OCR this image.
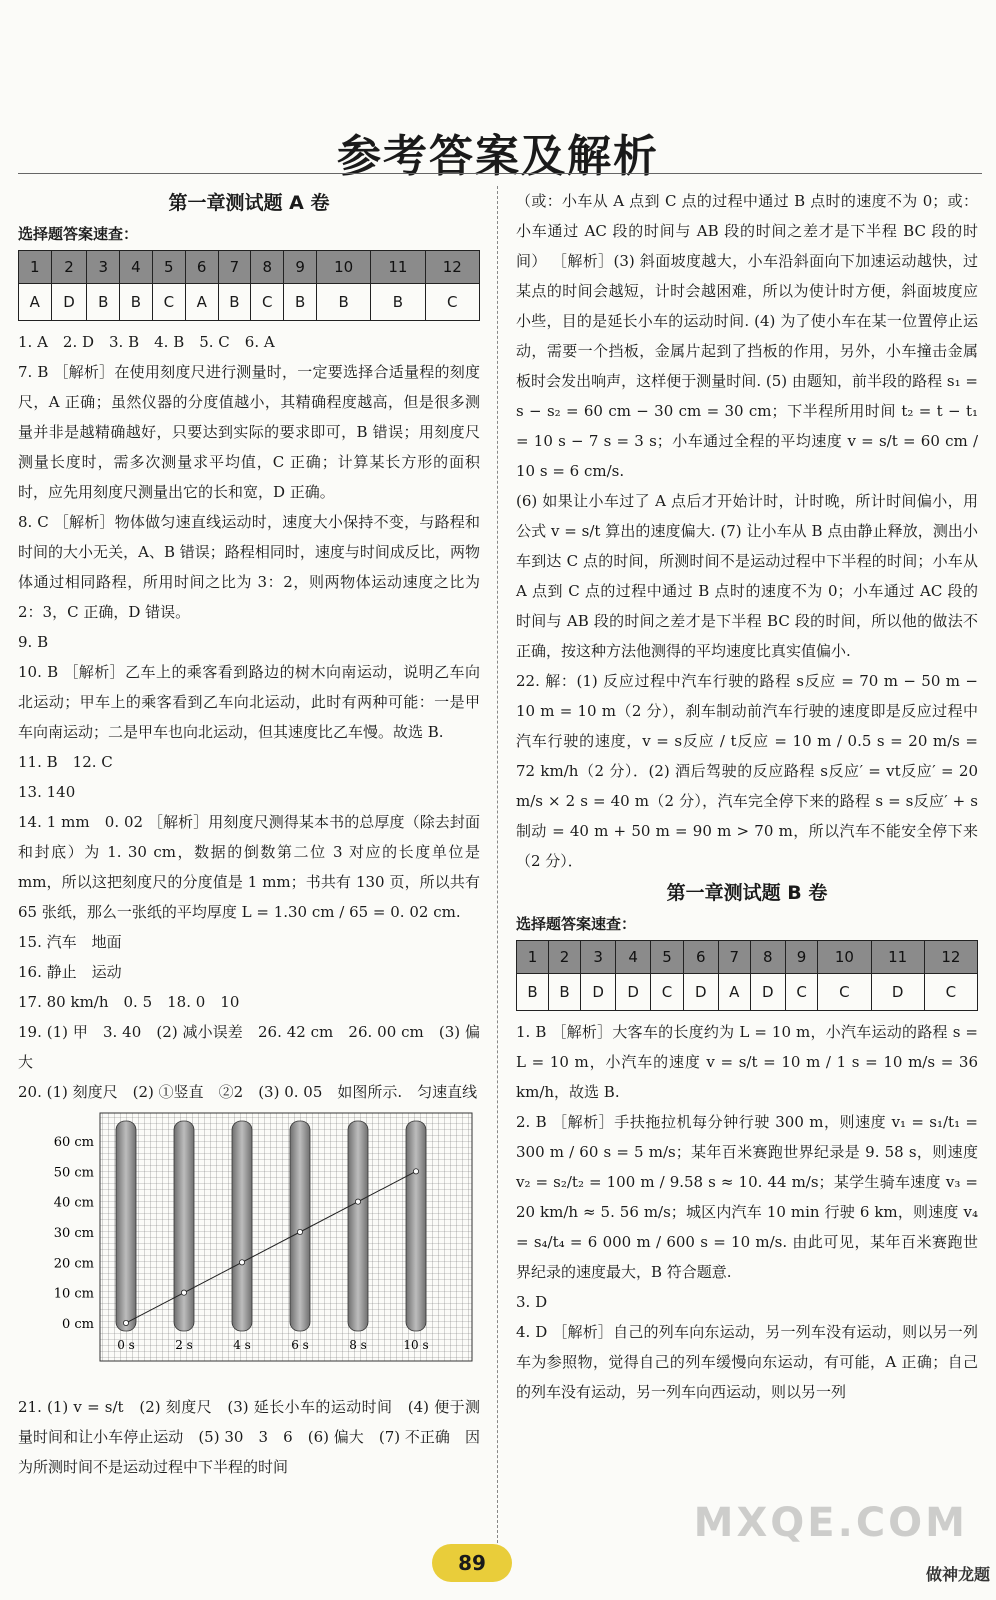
参考答案及解析
第一章测试题 A 卷
选择题答案速查：
1	2	3	4	5	6	7	8	9	10	11	12
A	D	B	B	C	A	B	C	B	B	B	C

1. A　2. D　3. B　4. B　5. C　6. A

7. B ［解析］在使用刻度尺进行测量时，一定要选择合适量程的刻度尺，A 正确；虽然仪器的分度值越小，其精确程度越高，但是很多测量并非是越精确越好，只要达到实际的要求即可，B 错误；用刻度尺测量长度时，需多次测量求平均值，C 正确；计算某长方形的面积时，应先用刻度尺测量出它的长和宽，D 正确。

8. C ［解析］物体做匀速直线运动时，速度大小保持不变，与路程和时间的大小无关，A、B 错误；路程相同时，速度与时间成反比，两物体通过相同路程，所用时间之比为 3：2，则两物体运动速度之比为 2：3，C 正确，D 错误。

9. B

10. B ［解析］乙车上的乘客看到路边的树木向南运动，说明乙车向北运动；甲车上的乘客看到乙车向北运动，此时有两种可能：一是甲车向南运动；二是甲车也向北运动，但其速度比乙车慢。故选 B.

11. B　12. C

13. 140

14. 1 mm　0. 02 ［解析］用刻度尺测得某本书的总厚度（除去封面和封底）为 1. 30 cm，数据的倒数第二位 3 对应的长度单位是 mm，所以这把刻度尺的分度值是 1 mm；书共有 130 页，所以共有 65 张纸，那么一张纸的平均厚度 L = 1.30 cm / 65 = 0. 02 cm.

15. 汽车　地面

16. 静止　运动

17. 80 km/h　0. 5　18. 0　10

19. (1) 甲　3. 40　(2) 减小误差　26. 42 cm　26. 00 cm　(3) 偏大

20. (1) 刻度尺　(2) ①竖直　②2　(3) 0. 05　如图所示.　匀速直线

60 cm
50 cm
40 cm
30 cm
20 cm
10 cm
0 cm
0 s	2 s	4 s	6 s	8 s	10 s

21. (1) v = s/t　(2) 刻度尺　(3) 延长小车的运动时间　(4) 便于测量时间和让小车停止运动　(5) 30　3　6　(6) 偏大　(7) 不正确　因为所测时间不是运动过程中下半程的时间

（或：小车从 A 点到 C 点的过程中通过 B 点时的速度不为 0；或：小车通过 AC 段的时间与 AB 段的时间之差才是下半程 BC 段的时间） ［解析］(3) 斜面坡度越大，小车沿斜面向下加速运动越快，过某点的时间会越短，计时会越困难，所以为使计时方便，斜面坡度应小些，目的是延长小车的运动时间. (4) 为了使小车在某一位置停止运动，需要一个挡板，金属片起到了挡板的作用，另外，小车撞击金属板时会发出响声，这样便于测量时间. (5) 由题知，前半段的路程 s₁ = s − s₂ = 60 cm − 30 cm = 30 cm；下半程所用时间 t₂ = t − t₁ = 10 s − 7 s = 3 s；小车通过全程的平均速度 v = s/t = 60 cm / 10 s = 6 cm/s.

(6) 如果让小车过了 A 点后才开始计时，计时晚，所计时间偏小，用公式 v = s/t 算出的速度偏大. (7) 让小车从 B 点由静止释放，测出小车到达 C 点的时间，所测时间不是运动过程中下半程的时间；小车从 A 点到 C 点的过程中通过 B 点时的速度不为 0；小车通过 AC 段的时间与 AB 段的时间之差才是下半程 BC 段的时间，所以他的做法不正确，按这种方法他测得的平均速度比真实值偏小.

22. 解：(1) 反应过程中汽车行驶的路程 s反应 = 70 m − 50 m − 10 m = 10 m（2 分），刹车制动前汽车行驶的速度即是反应过程中汽车行驶的速度，v = s反应 / t反应 = 10 m / 0.5 s = 20 m/s = 72 km/h（2 分）．(2) 酒后驾驶的反应路程 s反应′ = vt反应′ = 20 m/s × 2 s = 40 m（2 分），汽车完全停下来的路程 s = s反应′ + s制动 = 40 m + 50 m = 90 m > 70 m，所以汽车不能安全停下来（2 分）．

第一章测试题 B 卷
选择题答案速查：
1	2	3	4	5	6	7	8	9	10	11	12
B	B	D	D	C	D	A	D	C	C	D	C

1. B ［解析］大客车的长度约为 L = 10 m，小汽车运动的路程 s = L = 10 m，小汽车的速度 v = s/t = 10 m / 1 s = 10 m/s = 36 km/h，故选 B.

2. B ［解析］手扶拖拉机每分钟行驶 300 m，则速度 v₁ = s₁/t₁ = 300 m / 60 s = 5 m/s；某年百米赛跑世界纪录是 9. 58 s，则速度 v₂ = s₂/t₂ = 100 m / 9.58 s ≈ 10. 44 m/s；某学生骑车速度 v₃ = 20 km/h ≈ 5. 56 m/s；城区内汽车 10 min 行驶 6 km，则速度 v₄ = s₄/t₄ = 6 000 m / 600 s = 10 m/s. 由此可见，某年百米赛跑世界纪录的速度最大，B 符合题意.

3. D

4. D ［解析］自己的列车向东运动，另一列车没有运动，则以另一列车为参照物，觉得自己的列车缓慢向东运动，有可能，A 正确；自己的列车没有运动，另一列车向西运动，则以另一列

MXQE.COM
89	做神龙题
